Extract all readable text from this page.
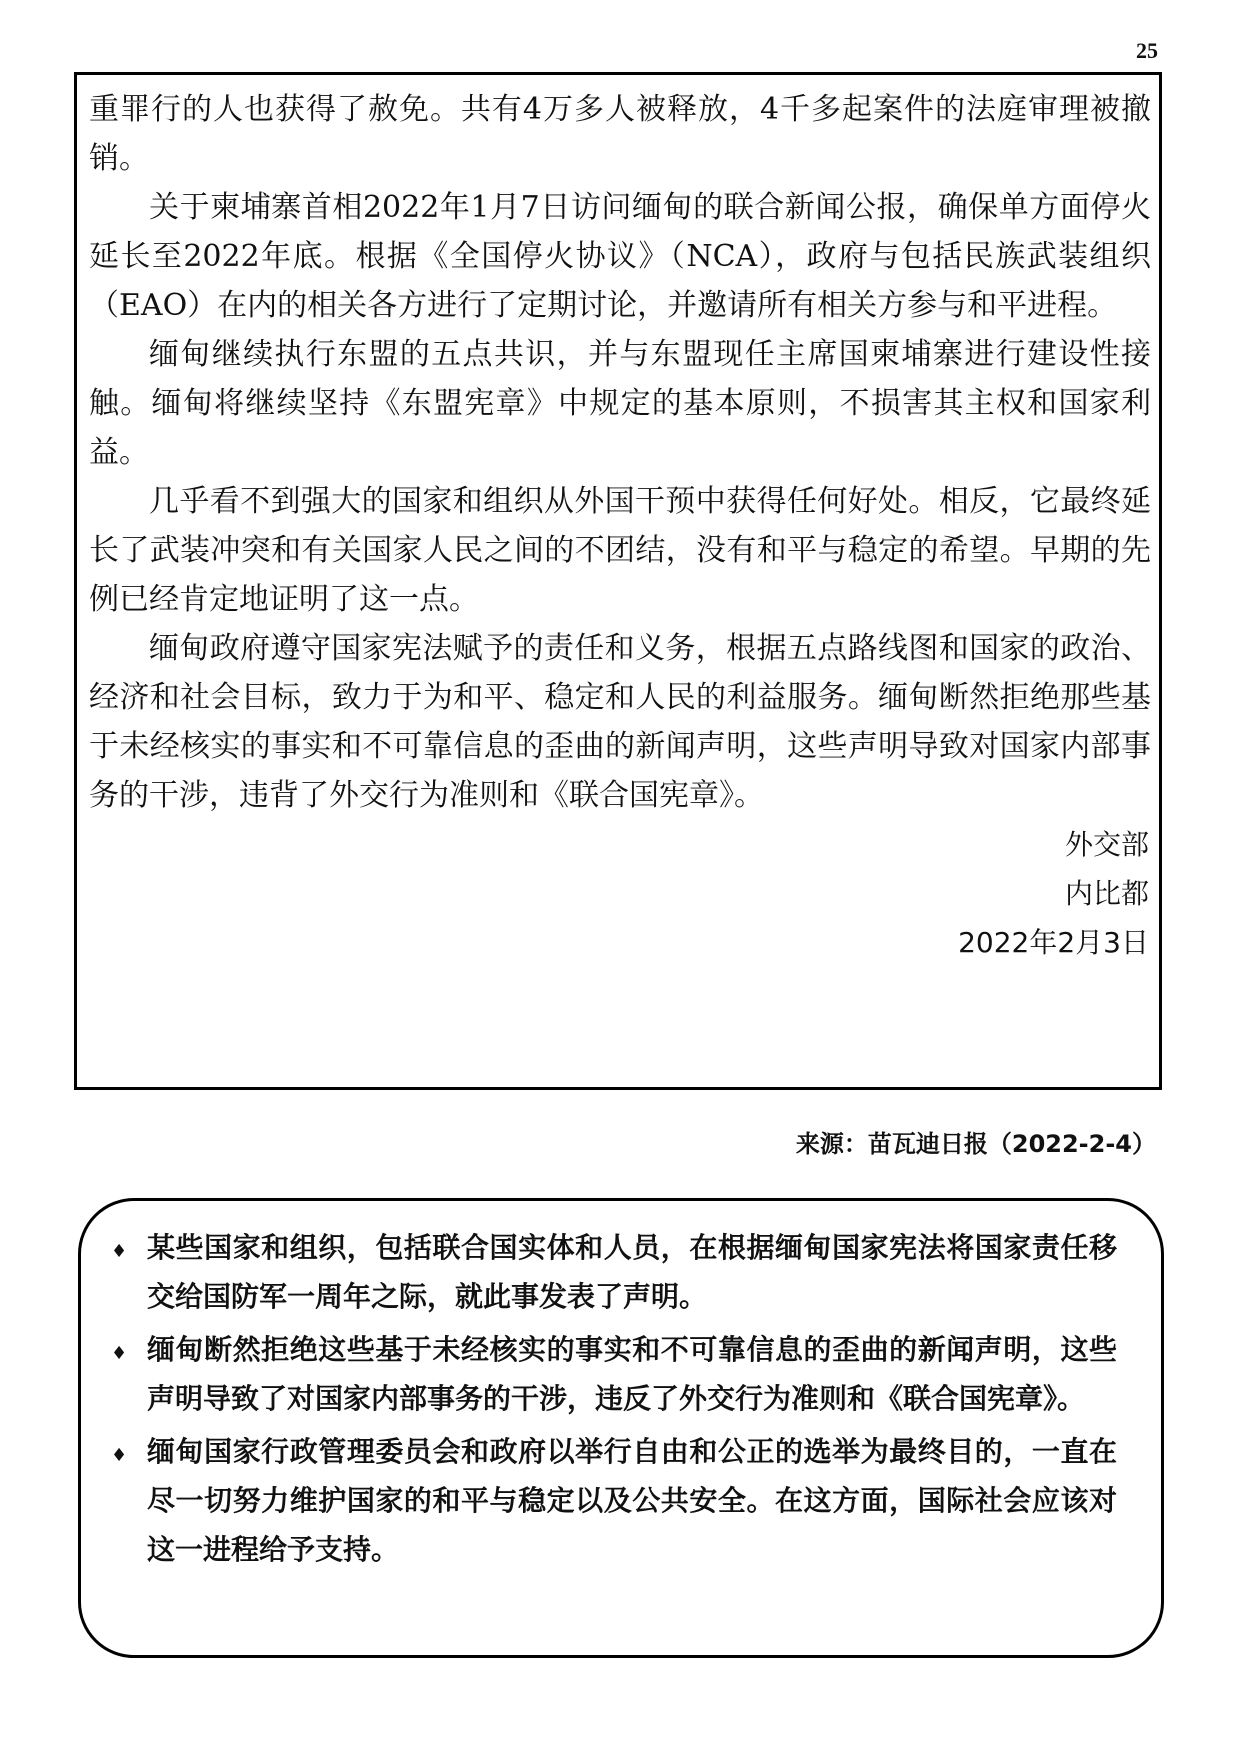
25

重罪行的人也获得了赦免。共有4万多人被释放，4千多起案件的法庭审理被撤销。

关于柬埔寨首相2022年1月7日访问缅甸的联合新闻公报，确保单方面停火延长至2022年底。根据《全国停火协议》（NCA），政府与包括民族武装组织（EAO）在内的相关各方进行了定期讨论，并邀请所有相关方参与和平进程。

缅甸继续执行东盟的五点共识，并与东盟现任主席国柬埔寨进行建设性接触。缅甸将继续坚持《东盟宪章》中规定的基本原则，不损害其主权和国家利益。

几乎看不到强大的国家和组织从外国干预中获得任何好处。相反，它最终延长了武装冲突和有关国家人民之间的不团结，没有和平与稳定的希望。早期的先例已经肯定地证明了这一点。

缅甸政府遵守国家宪法赋予的责任和义务，根据五点路线图和国家的政治、经济和社会目标，致力于为和平、稳定和人民的利益服务。缅甸断然拒绝那些基于未经核实的事实和不可靠信息的歪曲的新闻声明，这些声明导致对国家内部事务的干涉，违背了外交行为准则和《联合国宪章》。

外交部
内比都
2022年2月3日
来源：苗瓦迪日报（2022-2-4）
♦ 某些国家和组织，包括联合国实体和人员，在根据缅甸国家宪法将国家责任移交给国防军一周年之际，就此事发表了声明。
♦ 缅甸断然拒绝这些基于未经核实的事实和不可靠信息的歪曲的新闻声明，这些声明导致了对国家内部事务的干涉，违反了外交行为准则和《联合国宪章》。
♦ 缅甸国家行政管理委员会和政府以举行自由和公正的选举为最终目的，一直在尽一切努力维护国家的和平与稳定以及公共安全。在这方面，国际社会应该对这一进程给予支持。
